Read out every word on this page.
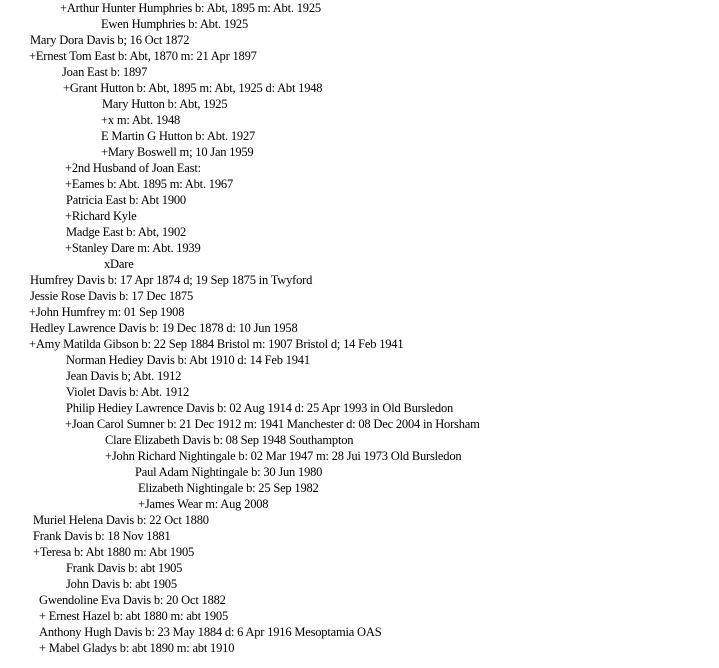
+Arthur Hunter Humphries b: Abt, 1895 m: Abt. 1925
Ewen Humphries b: Abt. 1925
Mary Dora Davis b; 16 Oct 1872
+Ernest Tom East b: Abt, 1870 m: 21 Apr 1897
Joan East b: 1897
+Grant Hutton b: Abt, 1895 m: Abt, 1925 d: Abt 1948
Mary Hutton b: Abt, 1925
+x m: Abt. 1948
E Martin G Hutton b: Abt. 1927
+Mary Boswell m; 10 Jan 1959
+2nd Husband of Joan East:
+Eames b: Abt. 1895 m: Abt. 1967
Patricia East b: Abt 1900
+Richard Kyle
Madge East b: Abt, 1902
+Stanley Dare m: Abt. 1939
xDare
Humfrey Davis b: 17 Apr 1874 d; 19 Sep 1875 in Twyford
Jessie Rose Davis b: 17 Dec 1875
+John Humfrey m: 01 Sep 1908
Hedley Lawrence Davis b: 19 Dec 1878 d: 10 Jun 1958
+Amy Matilda Gibson b: 22 Sep 1884 Bristol m: 1907 Bristol d; 14 Feb 1941
Norman Hediey Davis b: Abt 1910 d: 14 Feb 1941
Jean Davis b; Abt. 1912
Violet Davis b: Abt. 1912
Philip Hediey Lawrence Davis b: 02 Aug 1914 d: 25 Apr 1993 in Old Bursledon
+Joan Carol Sumner b: 21 Dec 1912 m: 1941 Manchester d: 08 Dec 2004 in Horsham
Clare Elizabeth Davis b: 08 Sep 1948 Southampton
+John Richard Nightingale b: 02 Mar 1947 m: 28 Jui 1973 Old Bursledon
Paul Adam Nightingale b: 30 Jun 1980
Elizabeth Nightingale b: 25 Sep 1982
+James Wear m: Aug 2008
Muriel Helena Davis b: 22 Oct 1880
Frank Davis b: 18 Nov 1881
+Teresa b: Abt 1880 m: Abt 1905
Frank Davis b: abt 1905
John Davis b: abt 1905
Gwendoline Eva Davis b: 20 Oct 1882
+ Ernest Hazel b: abt 1880 m: abt 1905
Anthony Hugh Davis b: 23 May 1884 d: 6 Apr 1916 Mesoptamia OAS
+ Mabel Gladys b: abt 1890 m: abt 1910
